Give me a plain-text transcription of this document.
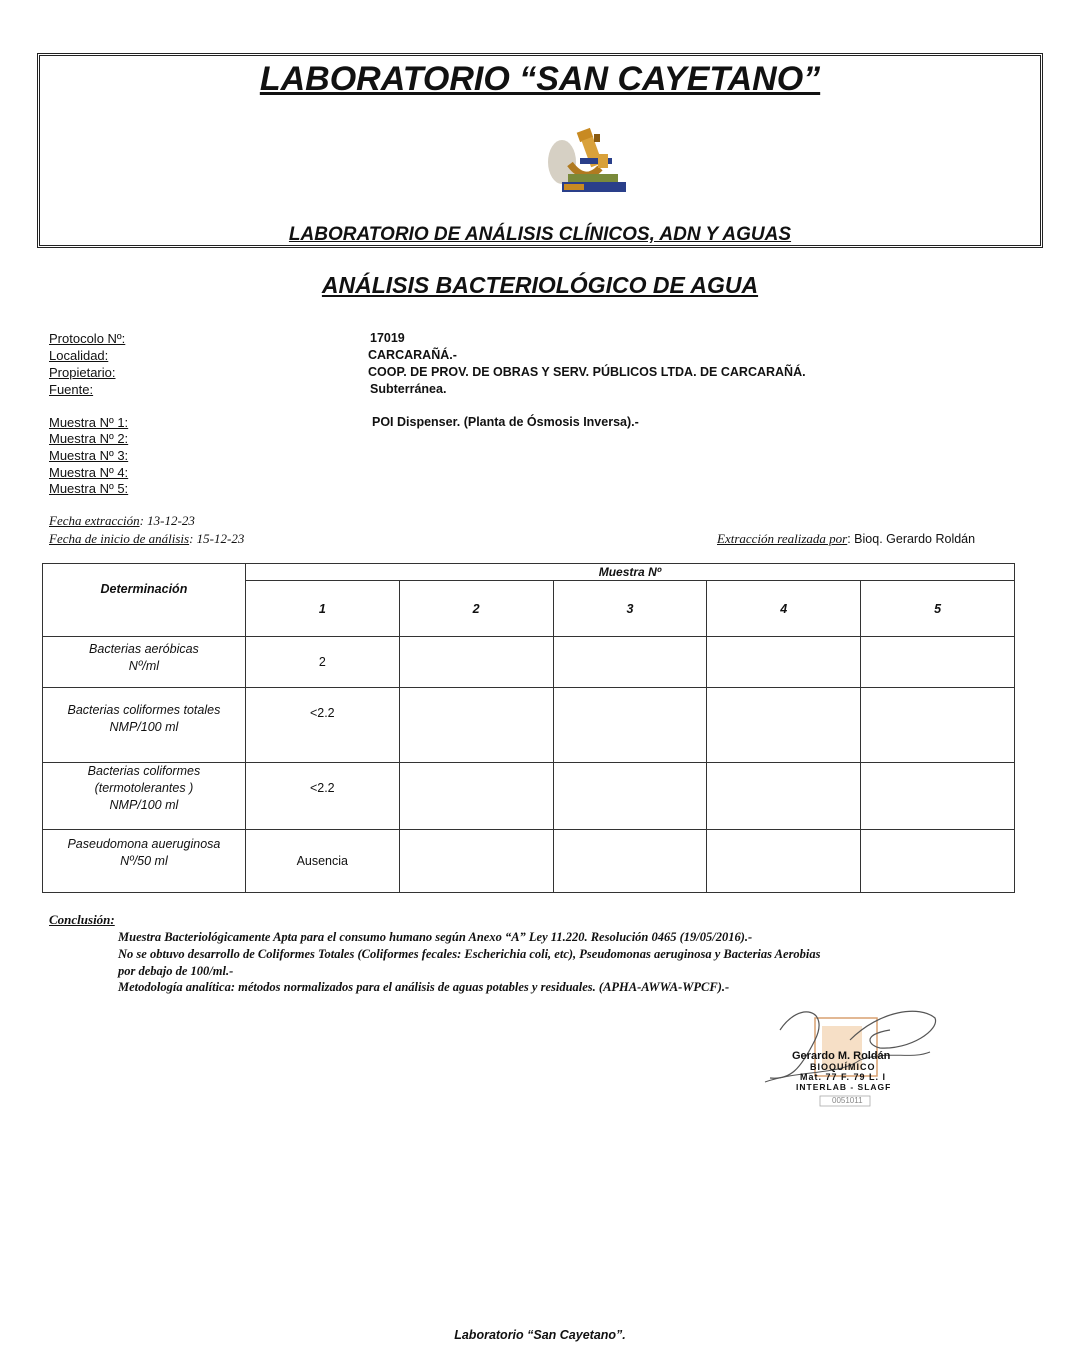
LABORATORIO “SAN CAYETANO”
LABORATORIO DE ANÁLISIS CLÍNICOS, ADN Y AGUAS
ANÁLISIS BACTERIOLÓGICO DE AGUA
Protocolo Nº:	17019
Localidad:	CARCARAÑÁ.-
Propietario:	COOP. DE PROV. DE OBRAS Y SERV. PÚBLICOS LTDA. DE CARCARAÑÁ.
Fuente:	Subterránea.
Muestra Nº 1:	POI Dispenser. (Planta de Ósmosis Inversa).-
Muestra Nº 2:
Muestra Nº 3:
Muestra Nº 4:
Muestra Nº 5:
Fecha extracción: 13-12-23
Fecha de inicio de análisis: 15-12-23	Extracción realizada por: Bioq. Gerardo Roldán
Determinación	Muestra Nº				
	1	2	3	4	5

Bacterias aeróbicas
Nº/ml	2				

Bacterias coliformes totales
NMP/100 ml	<2.2				

Bacterias coliformes
(termotolerantes )
NMP/100 ml	<2.2				

Paseudomona aueruginosa
Nº/50 ml	Ausencia				
Conclusión:
Muestra Bacteriológicamente Apta para el consumo humano según Anexo “A” Ley 11.220. Resolución 0465 (19/05/2016).-
No se obtuvo desarrollo de Coliformes Totales (Coliformes fecales: Escherichia coli, etc), Pseudomonas aeruginosa y Bacterias Aerobias
por debajo de 100/ml.-
Metodología analítica: métodos normalizados para el análisis de aguas potables y residuales. (APHA-AWWA-WPCF).-
Gerardo M. Roldán
BIOQUÍMICO
Mat. 77 F. 79 L. I
INTERLAB - SLAGF
0051011
Laboratorio “San Cayetano”.
